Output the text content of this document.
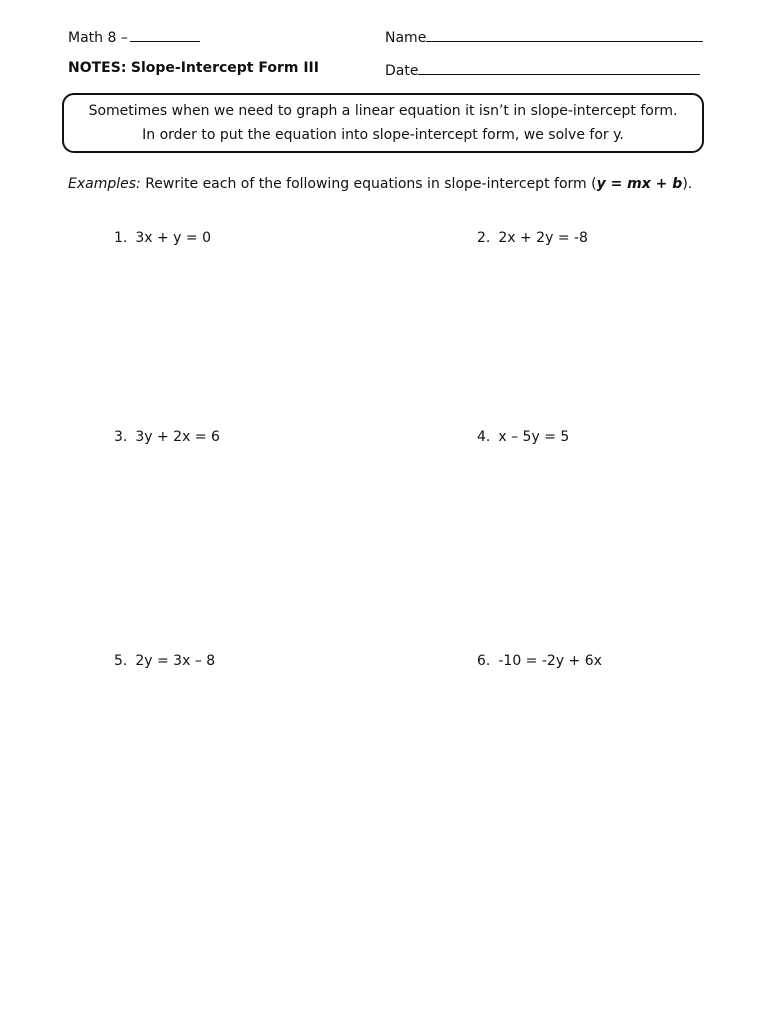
Math 8 –	Name
NOTES: Slope-Intercept Form III	Date
Sometimes when we need to graph a linear equation it isn’t in slope-intercept form.
In order to put the equation into slope-intercept form, we solve for y.
Examples: Rewrite each of the following equations in slope-intercept form (y = mx + b).
1. 3x + y = 0	2. 2x + 2y = -8
3. 3y + 2x = 6	4. x – 5y = 5
5. 2y = 3x – 8	6. -10 = -2y + 6x
